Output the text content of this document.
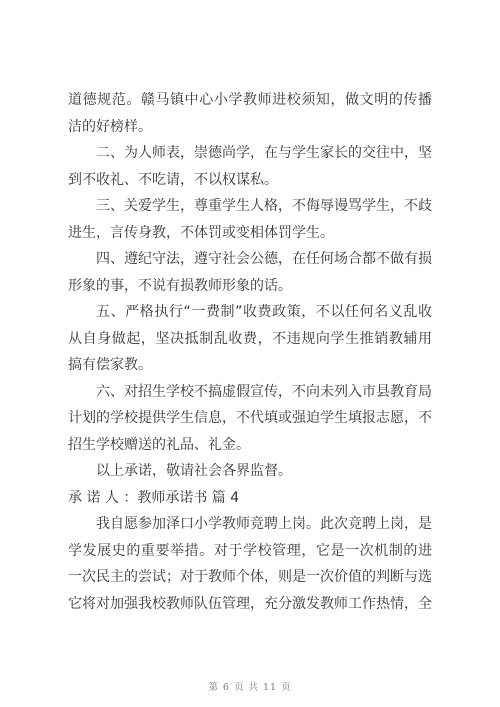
道德规范。赣马镇中心小学教师进校须知，做文明的传播
洁的好榜样。
二、为人师表，崇德尚学，在与学生家长的交往中，坚
到不收礼、不吃请，不以权谋私。
三、关爱学生，尊重学生人格，不侮辱谩骂学生，不歧
进生，言传身教，不体罚或变相体罚学生。
四、遵纪守法，遵守社会公德，在任何场合都不做有损
形象的事，不说有损教师形象的话。
五、严格执行“一费制”收费政策，不以任何名义乱收
从自身做起，坚决抵制乱收费，不违规向学生推销教辅用
搞有偿家教。
六、对招生学校不搞虚假宣传，不向未列入市县教育局
计划的学校提供学生信息，不代填或强迫学生填报志愿，不
招生学校赠送的礼品、礼金。
以上承诺，敬请社会各界监督。
承 诺 人 ：教师承诺书 篇 4
我自愿参加泽口小学教师竞聘上岗。此次竞聘上岗，是
学发展史的重要举措。对于学校管理，它是一次机制的进
一次民主的尝试；对于教师个体，则是一次价值的判断与选
它将对加强我校教师队伍管理，充分激发教师工作热情，全
第 6 页 共 11 页
